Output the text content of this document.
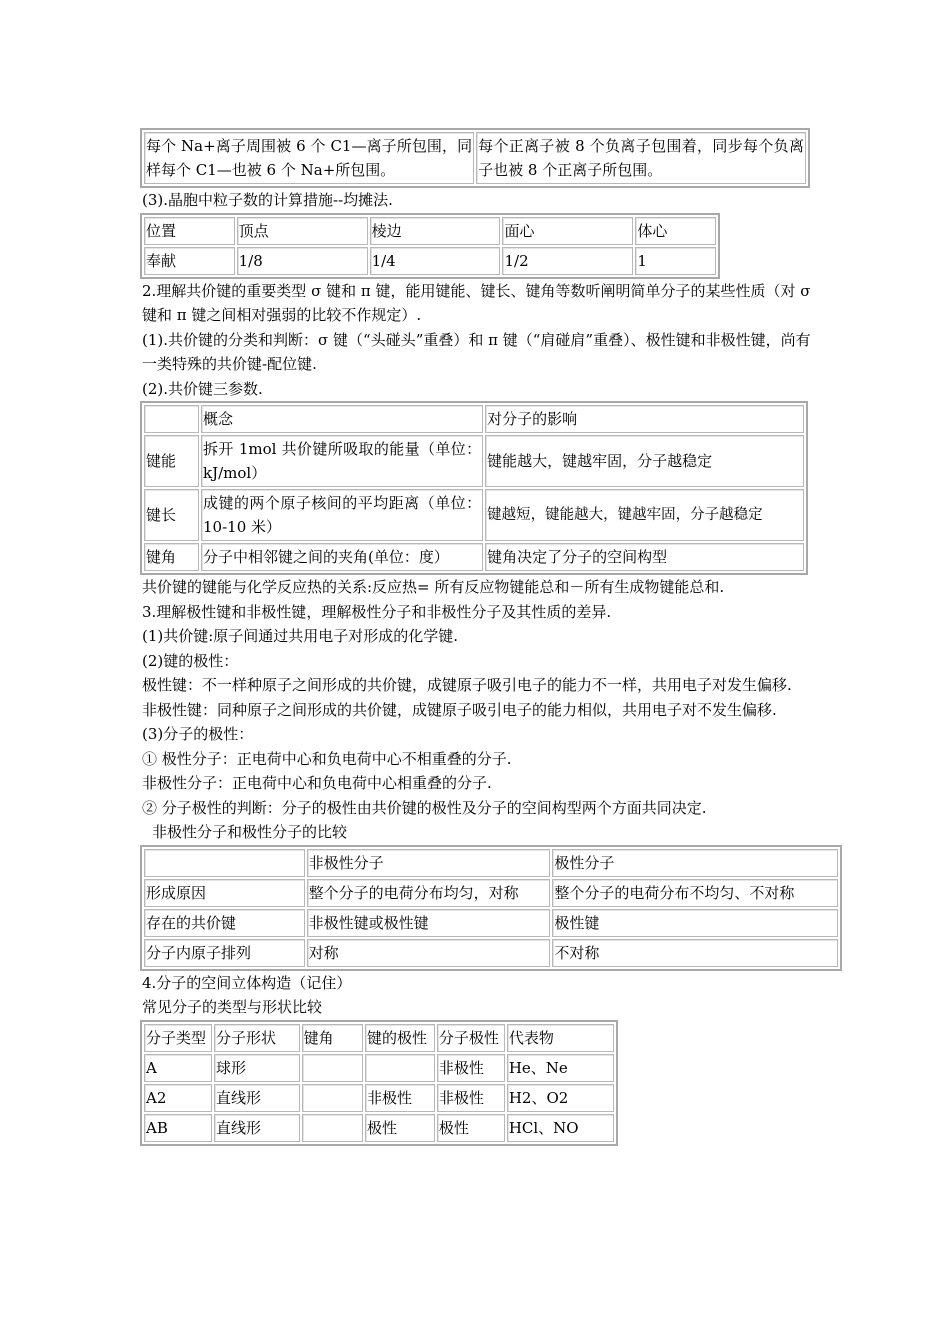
每个 Na+离子周围被 6 个 C1—离子所包围，同样每个 C1—也被 6 个 Na+所包围。	每个正离子被 8 个负离子包围着，同步每个负离子也被 8 个正离子所包围。

(3).晶胞中粒子数的计算措施--均摊法.

位置	顶点	棱边	面心	体心
奉献	1/8	1/4	1/2	1

2.理解共价键的重要类型 σ 键和 π 键，能用键能、键长、键角等数听阐明简单分子的某些性质（对 σ 键和 π 键之间相对强弱的比较不作规定）.

(1).共价键的分类和判断：σ 键（“头碰头”重叠）和 π 键（“肩碰肩”重叠）、极性键和非极性键，尚有一类特殊的共价键-配位键.

(2).共价键三参数.

	概念	对分子的影响
键能	拆开 1mol 共价键所吸取的能量（单位：kJ/mol）	键能越大，键越牢固，分子越稳定
键长	成键的两个原子核间的平均距离（单位：10-10 米）	键越短，键能越大，键越牢固，分子越稳定
键角	分子中相邻键之间的夹角(单位：度）	键角决定了分子的空间构型

共价键的键能与化学反应热的关系:反应热= 所有反应物键能总和－所有生成物键能总和.

3.理解极性键和非极性键，理解极性分子和非极性分子及其性质的差异.

(1)共价键:原子间通过共用电子对形成的化学键.

(2)键的极性：

极性键：不一样种原子之间形成的共价键，成键原子吸引电子的能力不一样，共用电子对发生偏移.

非极性键：同种原子之间形成的共价键，成键原子吸引电子的能力相似，共用电子对不发生偏移.

(3)分子的极性：

① 极性分子：正电荷中心和负电荷中心不相重叠的分子.

非极性分子：正电荷中心和负电荷中心相重叠的分子.

② 分子极性的判断：分子的极性由共价键的极性及分子的空间构型两个方面共同决定.

非极性分子和极性分子的比较

	非极性分子	极性分子
形成原因	整个分子的电荷分布均匀，对称	整个分子的电荷分布不均匀、不对称
存在的共价键	非极性键或极性键	极性键
分子内原子排列	对称	不对称

4.分子的空间立体构造（记住）

常见分子的类型与形状比较

分子类型	分子形状	键角	键的极性	分子极性	代表物
A	球形			非极性	He、Ne
A2	直线形		非极性	非极性	H2、O2
AB	直线形		极性	极性	HCl、NO
